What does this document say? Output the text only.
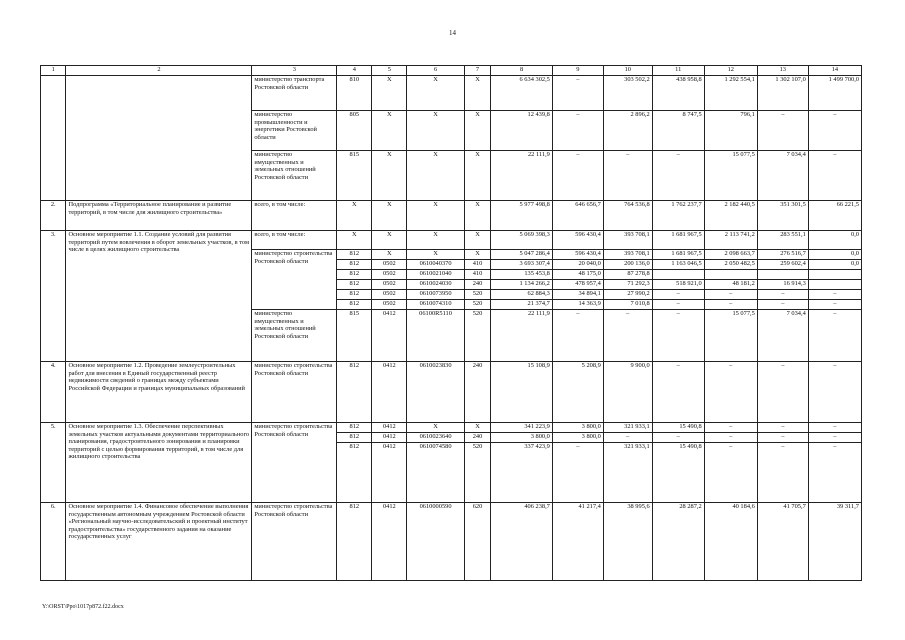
14
1	2	3	4	5	6	7	8	9	10	11	12	13	14
		министерство транспорта Ростовской области	810	X	X	X	6 634 302,5	–	303 502,2	438 958,8	1 292 554,1	1 302 107,0	1 499 700,0
		министерство промышленности и энергетики Ростовской области	805	X	X	X	12 439,8	–	2 896,2	8 747,5	796,1	–	–
		министерство имущественных и земельных отношений Ростовской области	815	X	X	X	22 111,9	–	–	–	15 077,5	7 034,4	–
2.	Подпрограмма «Территориальное планирование и развитие территорий, в том числе для жилищного строительства»	всего, в том числе:	X	X	X	X	5 977 498,8	646 656,7	764 536,8	1 762 237,7	2 182 440,5	351 301,5	66 221,5
3.	Основное мероприятие 1.1. Создание условий для развития территорий путем вовлечения в оборот земельных участков, в том числе в целях жилищного строительства	всего, в том числе:	X	X	X	X	5 069 398,3	596 430,4	393 708,1	1 681 967,5	2 113 741,2	283 551,1	0,0
		министерство строительства Ростовской области	812	X	X	X	5 047 286,4	596 430,4	393 708,1	1 681 967,5	2 098 663,7	276 516,7	0,0
			812	0502	0610040370	410	3 693 307,4	20 040,0	200 136,0	1 163 046,5	2 050 482,5	259 602,4	0,0
			812	0502	0610021040	410	135 453,8	48 175,0	87 278,8				
			812	0502	0610024030	240	1 134 266,2	478 957,4	71 292,3	518 921,0	48 181,2	16 914,3	
			812	0502	0610073950	520	62 884,3	34 894,1	27 990,2	–	–	–	–
			812	0502	0610074310	520	21 374,7	14 363,9	7 010,8	–	–	–	–
		министерство имущественных и земельных отношений Ростовской области	815	0412	06100R5110	520	22 111,9	–	–	–	15 077,5	7 034,4	–
4.	Основное мероприятие 1.2. Проведение землеустроительных работ для внесения в Единый государственный реестр недвижимости сведений о границах между субъектами Российской Федерации и границах муниципальных образований	министерство строительства Ростовской области	812	0412	0610023830	240	15 108,9	5 208,9	9 900,0	–	–	–	–
5.	Основное мероприятие 1.3. Обеспечение перспективных земельных участков актуальными документами территориального планирования, градостроительного зонирования и планировки территорий с целью формирования территорий, в том числе для жилищного строительства	министерство строительства Ростовской области	812	0412	X	X	341 223,9	3 800,0	321 933,1	15 490,8	–	–	–
			812	0412	0610023640	240	3 800,0	3 800,0	–	–	–	–	–
			812	0412	0610074580	520	337 423,9	–	321 933,1	15 490,8	–	–	–
6.	Основное мероприятие 1.4. Финансовое обеспечение выполнения государственным автономным учреждением Ростовской области «Региональный научно-исследовательский и проектный институт градостроительства» государственного задания на оказание государственных услуг	министерство строительства Ростовской области	812	0412	0610000590	620	406 238,7	41 217,4	38 995,6	28 287,2	40 184,6	41 705,7	39 311,7
Y:\ORST\Ppo\1017p872.f22.docx
